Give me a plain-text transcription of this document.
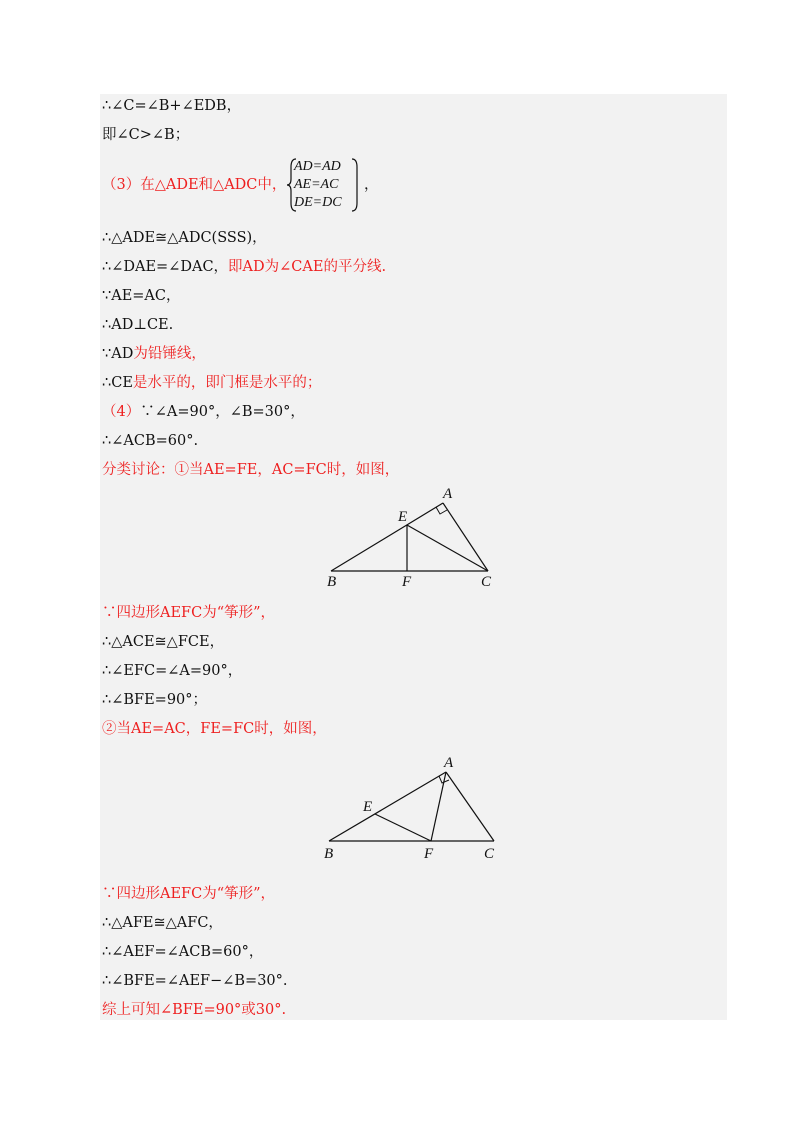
∴∠C=∠B+∠EDB，
即∠C>∠B；
（3）在△ADE和△ADC中，
AD=AD
AE=AC
DE=DC
，
∴△ADE≅△ADC(SSS)，
∴∠DAE=∠DAC，即AD为∠CAE的平分线.
∵AE=AC，
∴AD⊥CE.
∵AD为铅锤线，
∴CE是水平的，即门框是水平的；
（4）∵∠A=90°，∠B=30°，
∴∠ACB=60°.
分类讨论：①当AE=FE，AC=FC时，如图，
A
E
B	F	C
∵四边形AEFC为“筝形”，
∴△ACE≅△FCE，
∴∠EFC=∠A=90°，
∴∠BFE=90°；
②当AE=AC，FE=FC时，如图，
A
E
B	F	C
∵四边形AEFC为“筝形”，
∴△AFE≅△AFC，
∴∠AEF=∠ACB=60°，
∴∠BFE=∠AEF−∠B=30°.
综上可知∠BFE=90°或30°.
